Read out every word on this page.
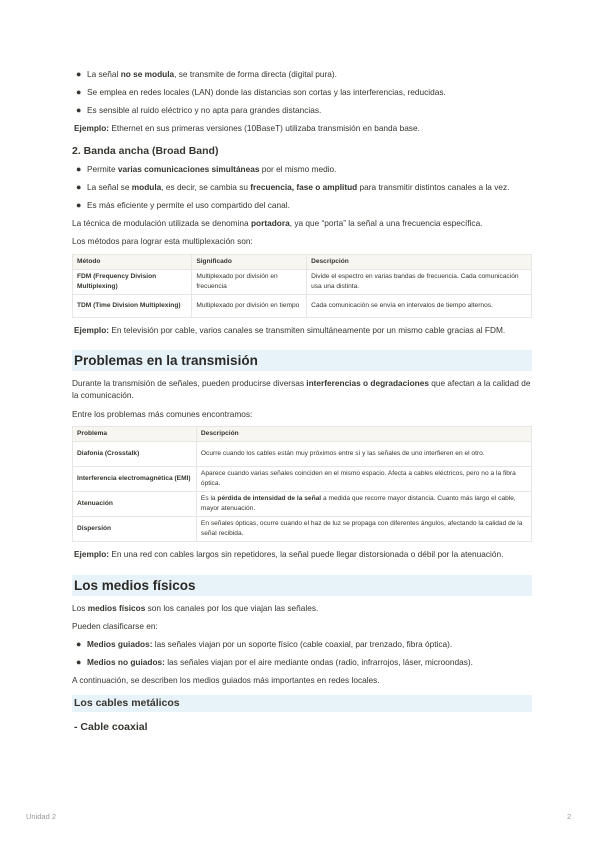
● La señal no se modula, se transmite de forma directa (digital pura).
● Se emplea en redes locales (LAN) donde las distancias son cortas y las interferencias, reducidas.
● Es sensible al ruido eléctrico y no apta para grandes distancias.

Ejemplo: Ethernet en sus primeras versiones (10BaseT) utilizaba transmisión en banda base.

2. Banda ancha (Broad Band)
● Permite varias comunicaciones simultáneas por el mismo medio.
● La señal se modula, es decir, se cambia su frecuencia, fase o amplitud para transmitir distintos canales a la vez.
● Es más eficiente y permite el uso compartido del canal.

La técnica de modulación utilizada se denomina portadora, ya que “porta” la señal a una frecuencia específica.

Los métodos para lograr esta multiplexación son:

Método	Significado	Descripción
FDM (Frequency Division Multiplexing)	Multiplexado por división en frecuencia	Divide el espectro en varias bandas de frecuencia. Cada comunicación usa una distinta.
TDM (Time Division Multiplexing)	Multiplexado por división en tiempo	Cada comunicación se envía en intervalos de tiempo alternos.

Ejemplo: En televisión por cable, varios canales se transmiten simultáneamente por un mismo cable gracias al FDM.

Problemas en la transmisión

Durante la transmisión de señales, pueden producirse diversas interferencias o degradaciones que afectan a la calidad de la comunicación.

Entre los problemas más comunes encontramos:

Problema	Descripción
Diafonía (Crosstalk)	Ocurre cuando los cables están muy próximos entre sí y las señales de uno interfieren en el otro.
Interferencia electromagnética (EMI)	Aparece cuando varias señales coinciden en el mismo espacio. Afecta a cables eléctricos, pero no a la fibra óptica.
Atenuación	Es la pérdida de intensidad de la señal a medida que recorre mayor distancia. Cuanto más largo el cable, mayor atenuación.
Dispersión	En señales ópticas, ocurre cuando el haz de luz se propaga con diferentes ángulos, afectando la calidad de la señal recibida.

Ejemplo: En una red con cables largos sin repetidores, la señal puede llegar distorsionada o débil por la atenuación.

Los medios físicos

Los medios físicos son los canales por los que viajan las señales.

Pueden clasificarse en:

● Medios guiados: las señales viajan por un soporte físico (cable coaxial, par trenzado, fibra óptica).
● Medios no guiados: las señales viajan por el aire mediante ondas (radio, infrarrojos, láser, microondas).

A continuación, se describen los medios guiados más importantes en redes locales.

Los cables metálicos
- Cable coaxial
Unidad 2	2
